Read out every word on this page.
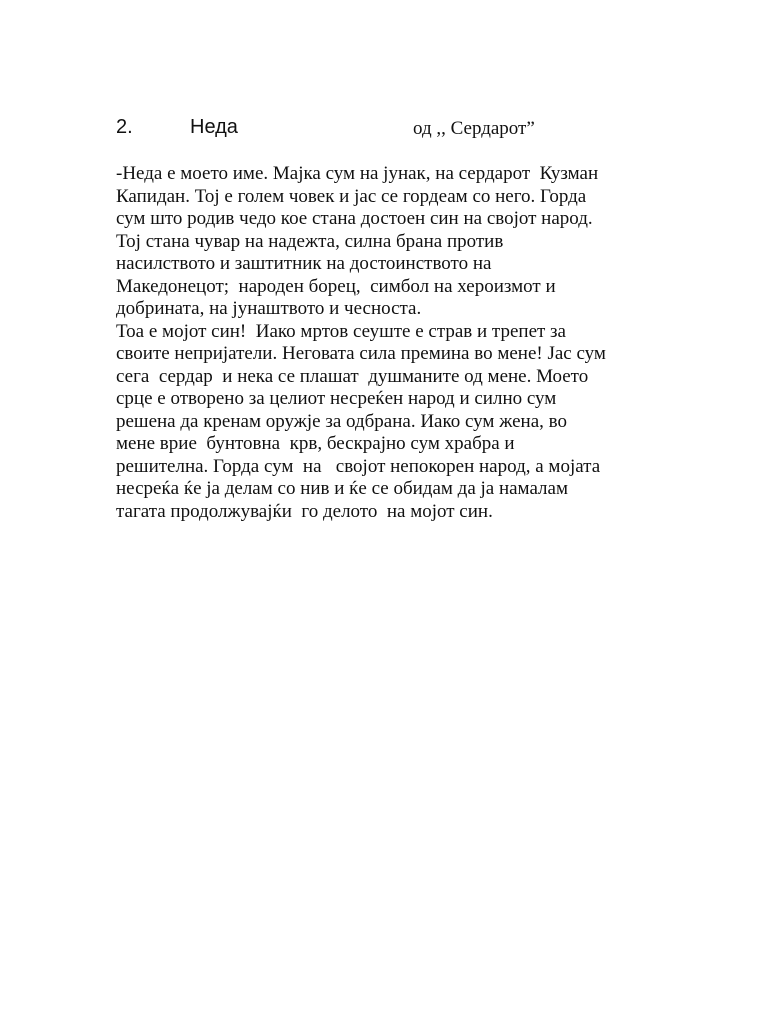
2.	Неда	од ,, Сердарот”
-Неда е моето име. Мајка сум на јунак, на сердарот  Кузман
Капидан. Тој е голем човек и јас се гордеам со него. Горда
сум што родив чедо кое стана достоен син на својот народ.
Тој стана чувар на надежта, силна брана против
насилството и заштитник на достоинството на
Македонецот;  народен борец,  симбол на хероизмот и
добрината, на јунаштвото и чесноста.
Тоа е мојот син!  Иако мртов сеуште е страв и трепет за
своите непријатели. Неговата сила премина во мене! Јас сум
сега  сердар  и нека се плашат  душманите од мене. Моето
срце е отворено за целиот несреќен народ и силно сум
решена да кренам оружје за одбрана. Иако сум жена, во
мене врие  бунтовна  крв, бескрајно сум храбра и
решителна. Горда сум  на   својот непокорен народ, а мојата
несреќа ќе ја делам со нив и ќе се обидам да ја намалам
тагата продолжувајќи  го делото  на мојот син.
